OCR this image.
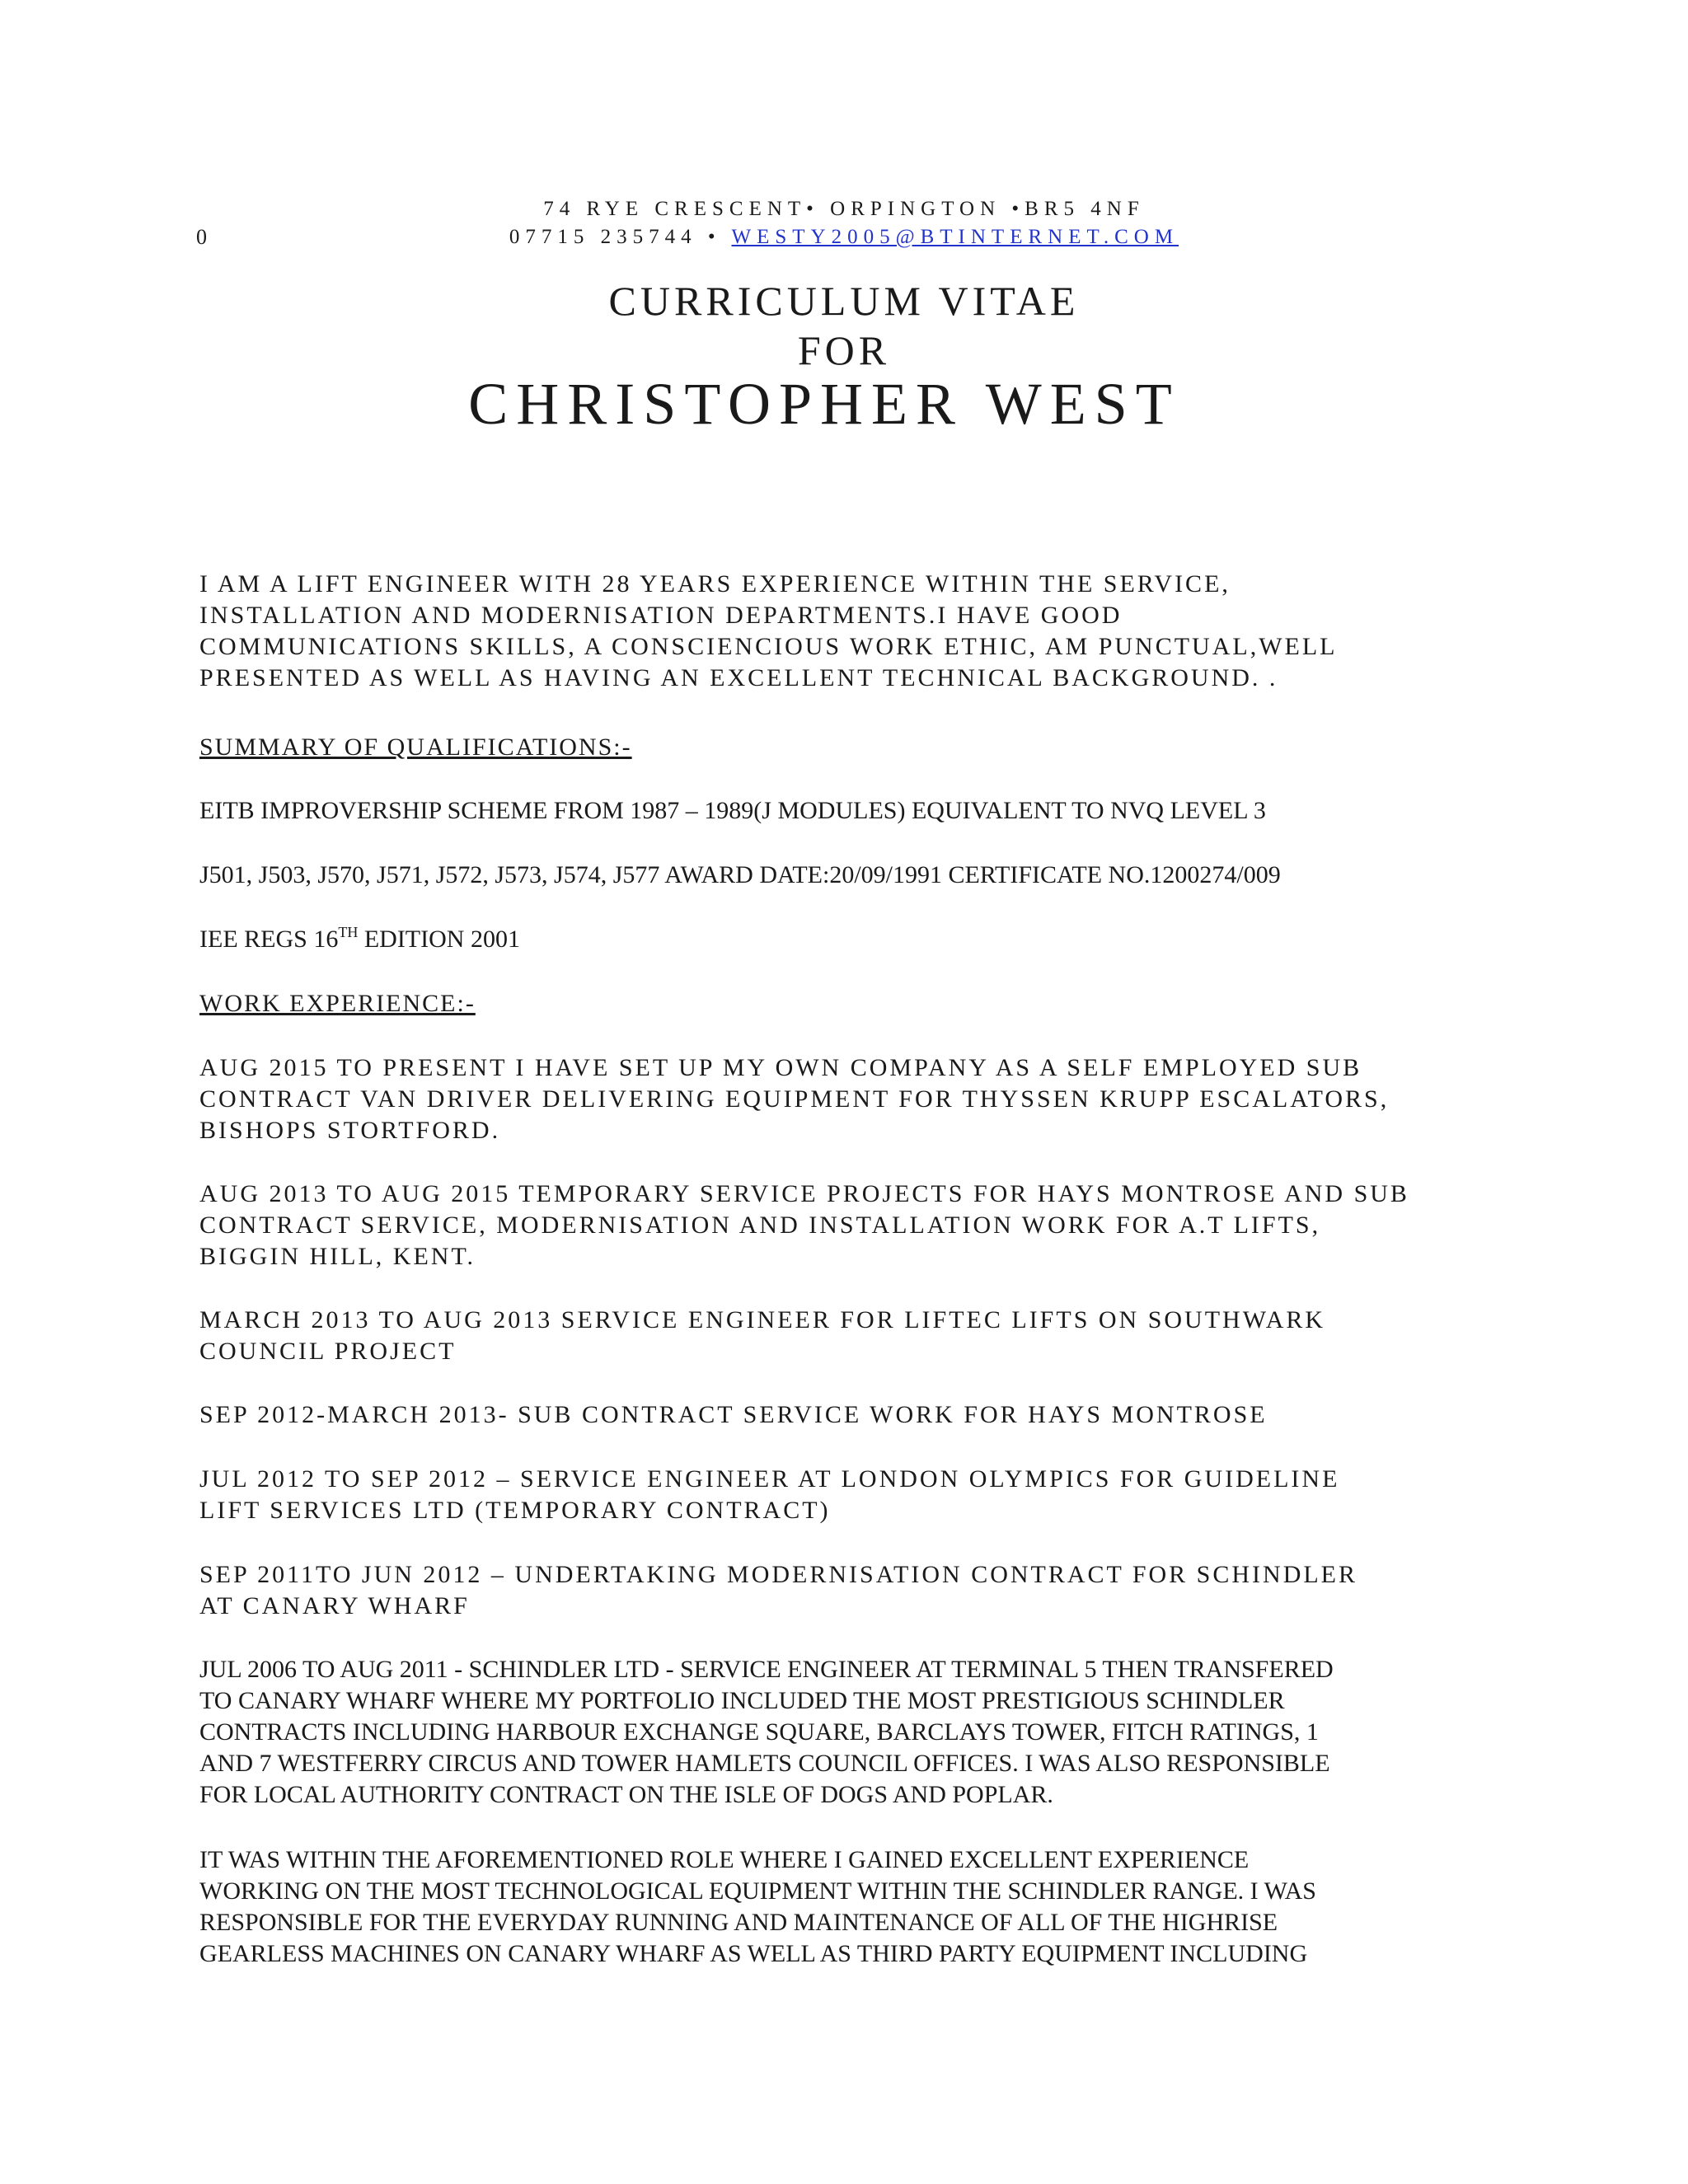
0
74 RYE CRESCENT• ORPINGTON •BR5 4NF
07715 235744 • WESTY2005@BTINTERNET.COM
CURRICULUM VITAE
FOR
CHRISTOPHER WEST

I AM A LIFT ENGINEER WITH 28 YEARS EXPERIENCE WITHIN THE SERVICE,

INSTALLATION AND MODERNISATION DEPARTMENTS.I HAVE GOOD

COMMUNICATIONS SKILLS, A CONSCIENCIOUS WORK ETHIC, AM PUNCTUAL,WELL

PRESENTED AS WELL AS HAVING AN EXCELLENT TECHNICAL BACKGROUND. .

SUMMARY OF QUALIFICATIONS:-
EITB IMPROVERSHIP SCHEME FROM 1987 – 1989(J MODULES) EQUIVALENT TO NVQ LEVEL 3
J501, J503, J570, J571, J572, J573, J574, J577 AWARD DATE:20/09/1991 CERTIFICATE NO.1200274/009
IEE REGS 16TH EDITION 2001
WORK EXPERIENCE:-

AUG 2015 TO PRESENT I HAVE SET UP MY OWN COMPANY AS A SELF EMPLOYED SUB

CONTRACT VAN DRIVER DELIVERING EQUIPMENT FOR THYSSEN KRUPP ESCALATORS,

BISHOPS STORTFORD.

AUG 2013 TO AUG 2015 TEMPORARY SERVICE PROJECTS FOR HAYS MONTROSE AND SUB

CONTRACT SERVICE, MODERNISATION AND INSTALLATION WORK FOR A.T LIFTS,

BIGGIN HILL, KENT.

MARCH 2013 TO AUG 2013 SERVICE ENGINEER FOR LIFTEC LIFTS ON SOUTHWARK

COUNCIL PROJECT

SEP 2012-MARCH 2013- SUB CONTRACT SERVICE WORK FOR HAYS MONTROSE

JUL 2012 TO SEP 2012 – SERVICE ENGINEER AT LONDON OLYMPICS FOR GUIDELINE

LIFT SERVICES LTD (TEMPORARY CONTRACT)

SEP 2011TO JUN 2012 – UNDERTAKING MODERNISATION CONTRACT FOR SCHINDLER

AT CANARY WHARF

JUL 2006 TO AUG 2011 - SCHINDLER LTD - SERVICE ENGINEER AT TERMINAL 5 THEN TRANSFERED

TO CANARY WHARF WHERE MY PORTFOLIO INCLUDED THE MOST PRESTIGIOUS SCHINDLER

CONTRACTS INCLUDING HARBOUR EXCHANGE SQUARE, BARCLAYS TOWER, FITCH RATINGS, 1

AND 7 WESTFERRY CIRCUS AND TOWER HAMLETS COUNCIL OFFICES. I WAS ALSO RESPONSIBLE

FOR LOCAL AUTHORITY CONTRACT ON THE ISLE OF DOGS AND POPLAR.

IT WAS WITHIN THE AFOREMENTIONED ROLE WHERE I GAINED EXCELLENT EXPERIENCE

WORKING ON THE MOST TECHNOLOGICAL EQUIPMENT WITHIN THE SCHINDLER RANGE. I WAS

RESPONSIBLE FOR THE EVERYDAY RUNNING AND MAINTENANCE OF ALL OF THE HIGHRISE

GEARLESS MACHINES ON CANARY WHARF AS WELL AS THIRD PARTY EQUIPMENT INCLUDING
